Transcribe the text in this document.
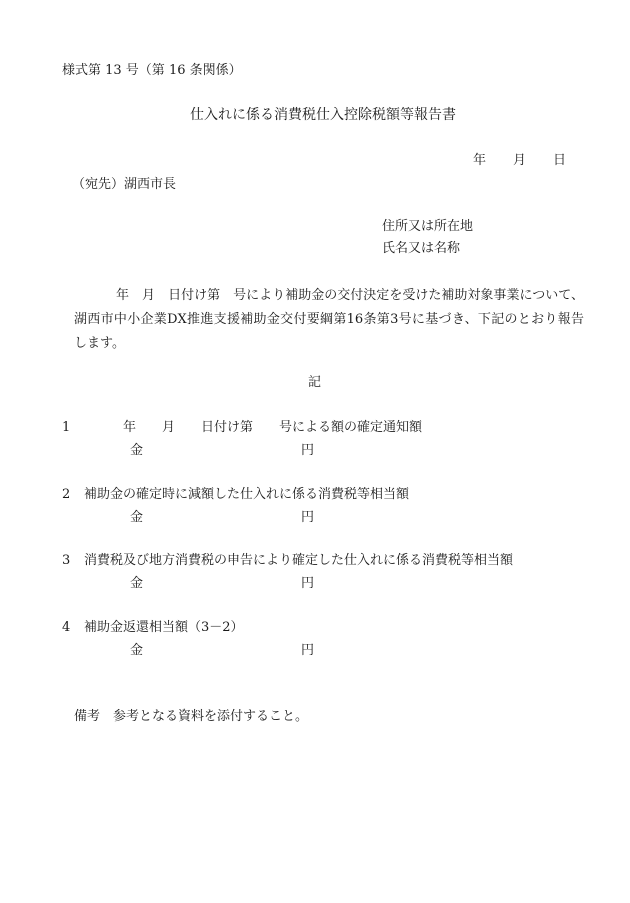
様式第 13 号（第 16 条関係）
仕入れに係る消費税仕入控除税額等報告書
年 月 日
（宛先）湖西市長
住所又は所在地
氏名又は名称
年　月　日付け第　号により補助金の交付決定を受けた補助対象事業について、湖西市中小企業DX推進支援補助金交付要綱第16条第3号に基づき、下記のとおり報告します。
記
1 　　　年　　月　　日付け第　　号による額の確定通知額
金	円
2 補助金の確定時に減額した仕入れに係る消費税等相当額
金	円
3 消費税及び地方消費税の申告により確定した仕入れに係る消費税等相当額
金	円
4 補助金返還相当額（3－2）
金	円
備考　参考となる資料を添付すること。
